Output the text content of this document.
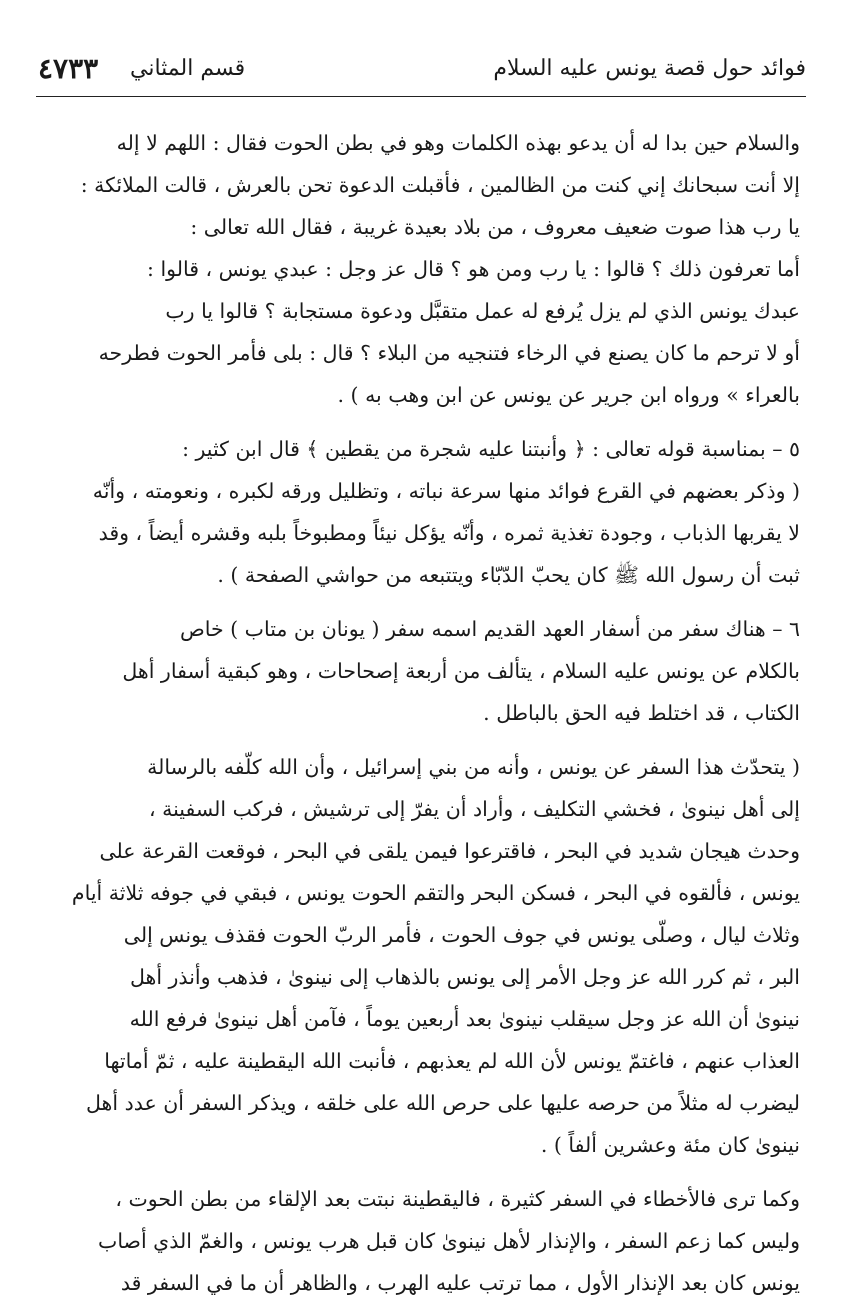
فوائد حول قصة يونس عليه السلام
قسم المثاني
٤٧٣٣
والسلام حين بدا له أن يدعو بهذه الكلمات وهو في بطن الحوت فقال : اللهم لا إله
إلا أنت سبحانك إني كنت من الظالمين ، فأقبلت الدعوة تحن بالعرش ، قالت الملائكة :
يا رب هذا صوت ضعيف معروف ، من بلاد بعيدة غريبة ، فقال الله تعالى :
أما تعرفون ذلك ؟ قالوا : يا رب ومن هو ؟ قال عز وجل : عبدي يونس ، قالوا :
عبدك يونس الذي لم يزل يُرفع له عمل متقبَّل ودعوة مستجابة ؟ قالوا يا رب
أو لا ترحم ما كان يصنع في الرخاء فتنجيه من البلاء ؟ قال : بلى فأمر الحوت فطرحه
بالعراء » ورواه ابن جرير عن يونس عن ابن وهب به ) .
٥ – بمناسبة قوله تعالى : ﴿ وأنبتنا عليه شجرة من يقطين ﴾ قال ابن كثير :
( وذكر بعضهم في القرع فوائد منها سرعة نباته ، وتظليل ورقه لكبره ، ونعومته ، وأنّه
لا يقربها الذباب ، وجودة تغذية ثمره ، وأنّه يؤكل نيئاً ومطبوخاً بلبه وقشره أيضاً ، وقد
ثبت أن رسول الله ﷺ كان يحبّ الدّبّاء ويتتبعه من حواشي الصفحة ) .
٦ – هناك سفر من أسفار العهد القديم اسمه سفر ( يونان بن متاب ) خاص
بالكلام عن يونس عليه السلام ، يتألف من أربعة إصحاحات ، وهو كبقية أسفار أهل
الكتاب ، قد اختلط فيه الحق بالباطل .
( يتحدّث هذا السفر عن يونس ، وأنه من بني إسرائيل ، وأن الله كلّفه بالرسالة
إلى أهل نينوىٰ ، فخشي التكليف ، وأراد أن يفرّ إلى ترشيش ، فركب السفينة ،
وحدث هيجان شديد في البحر ، فاقترعوا فيمن يلقى في البحر ، فوقعت القرعة على
يونس ، فألقوه في البحر ، فسكن البحر والتقم الحوت يونس ، فبقي في جوفه ثلاثة أيام
وثلاث ليال ، وصلّى يونس في جوف الحوت ، فأمر الربّ الحوت فقذف يونس إلى
البر ، ثم كرر الله عز وجل الأمر إلى يونس بالذهاب إلى نينوىٰ ، فذهب وأنذر أهل
نينوىٰ أن الله عز وجل سيقلب نينوىٰ بعد أربعين يوماً ، فآمن أهل نينوىٰ فرفع الله
العذاب عنهم ، فاغتمّ يونس لأن الله لم يعذبهم ، فأنبت الله اليقطينة عليه ، ثمّ أماتها
ليضرب له مثلاً من حرصه عليها على حرص الله على خلقه ، ويذكر السفر أن عدد أهل
نينوىٰ كان مئة وعشرين ألفاً ) .
وكما ترى فالأخطاء في السفر كثيرة ، فاليقطينة نبتت بعد الإلقاء من بطن الحوت ،
وليس كما زعم السفر ، والإنذار لأهل نينوىٰ كان قبل هرب يونس ، والغمّ الذي أصاب
يونس كان بعد الإنذار الأول ، مما ترتب عليه الهرب ، والظاهر أن ما في السفر قد
